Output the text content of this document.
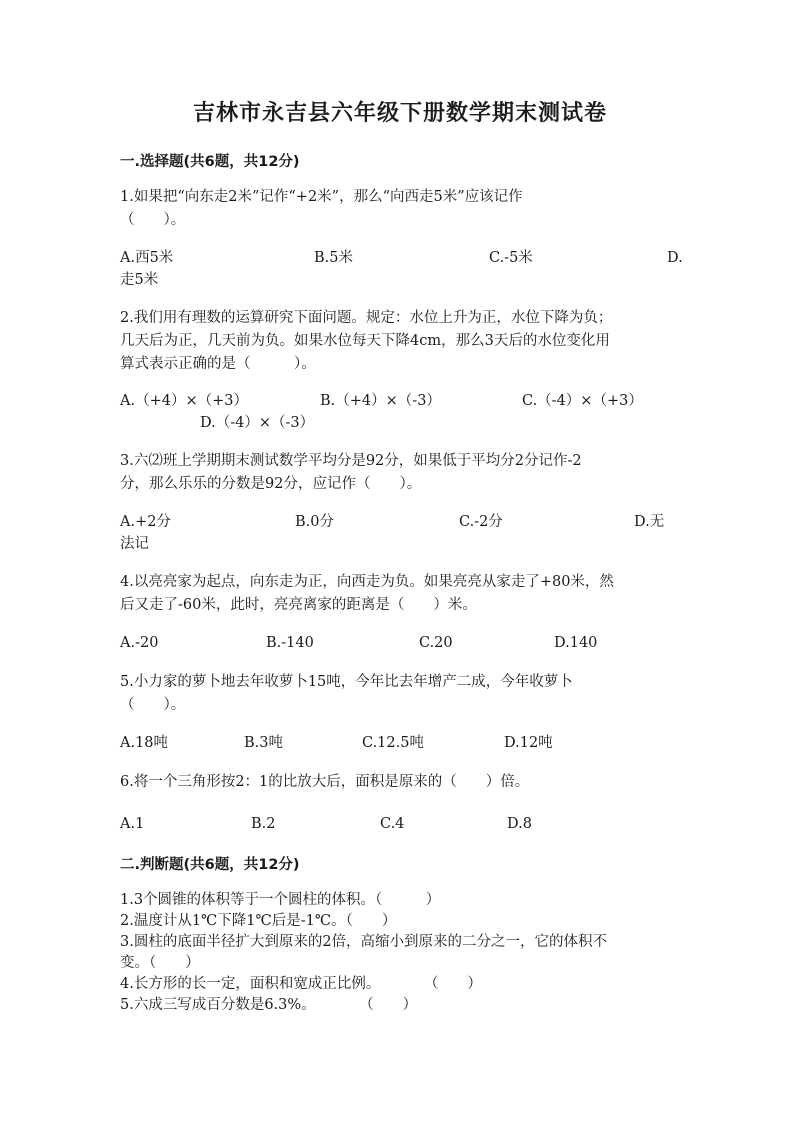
吉林市永吉县六年级下册数学期末测试卷
一.选择题(共6题，共12分)
1.如果把“向东走2米”记作“+2米”，那么“向西走5米”应该记作
（　　）。
A.西5米	B.5米	C.-5米	D.
走5米
2.我们用有理数的运算研究下面问题。规定：水位上升为正，水位下降为负；
几天后为正，几天前为负。如果水位每天下降4cm，那么3天后的水位变化用
算式表示正确的是（　　　）。
A.（+4）×（+3）	B.（+4）×（-3）	C.（-4）×（+3）
D.（-4）×（-3）
3.六⑵班上学期期末测试数学平均分是92分，如果低于平均分2分记作-2
分，那么乐乐的分数是92分，应记作（　　）。
A.+2分	B.0分	C.-2分	D.无
法记
4.以亮亮家为起点，向东走为正，向西走为负。如果亮亮从家走了+80米，然
后又走了-60米，此时，亮亮离家的距离是（　　）米。
A.-20	B.-140	C.20	D.140
5.小力家的萝卜地去年收萝卜15吨，今年比去年增产二成，今年收萝卜
（　　）。
A.18吨	B.3吨	C.12.5吨	D.12吨
6.将一个三角形按2：1的比放大后，面积是原来的（　　）倍。
A.1	B.2	C.4	D.8
二.判断题(共6题，共12分)
1.3个圆锥的体积等于一个圆柱的体积。（　　　）
2.温度计从1℃下降1℃后是-1℃。（　　）
3.圆柱的底面半径扩大到原来的2倍，高缩小到原来的二分之一，它的体积不
变。（　　）
4.长方形的长一定，面积和宽成正比例。　　　　（　　）
5.六成三写成百分数是6.3%。　　　　（　　）
